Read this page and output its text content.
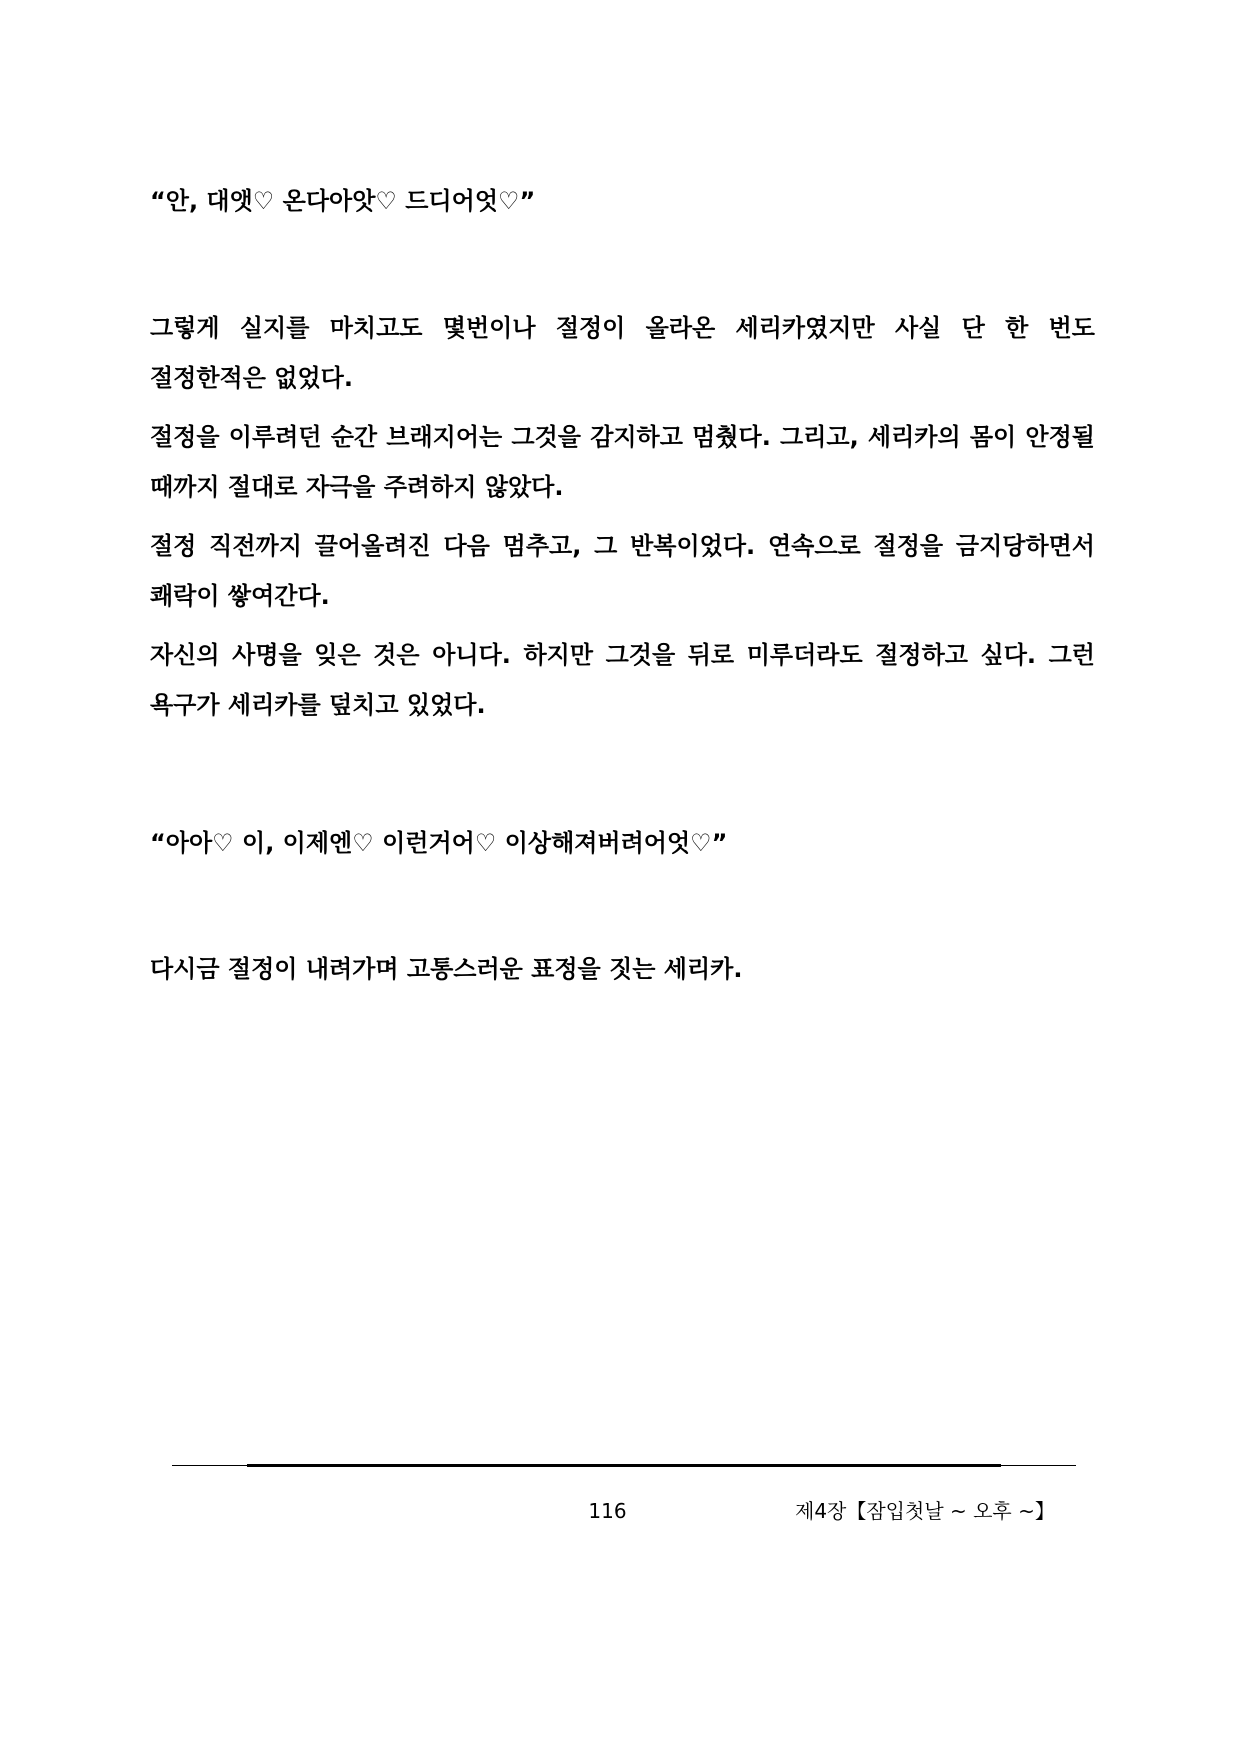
“안, 대앳♡ 온다아앗♡ 드디어엇♡”

그렇게 실지를 마치고도 몇번이나 절정이 올라온 세리카였지만 사실 단 한 번도 절정한적은 없었다.

절정을 이루려던 순간 브래지어는 그것을 감지하고 멈췄다. 그리고, 세리카의 몸이 안정될 때까지 절대로 자극을 주려하지 않았다.

절정 직전까지 끌어올려진 다음 멈추고, 그 반복이었다. 연속으로 절정을 금지당하면서 쾌락이 쌓여간다.

자신의 사명을 잊은 것은 아니다. 하지만 그것을 뒤로 미루더라도 절정하고 싶다. 그런 욕구가 세리카를 덮치고 있었다.

“아아♡ 이, 이제엔♡ 이런거어♡ 이상해져버려어엇♡”

다시금 절정이 내려가며 고통스러운 표정을 짓는 세리카.

116	제4장【잠입첫날 ~ 오후 ~】
